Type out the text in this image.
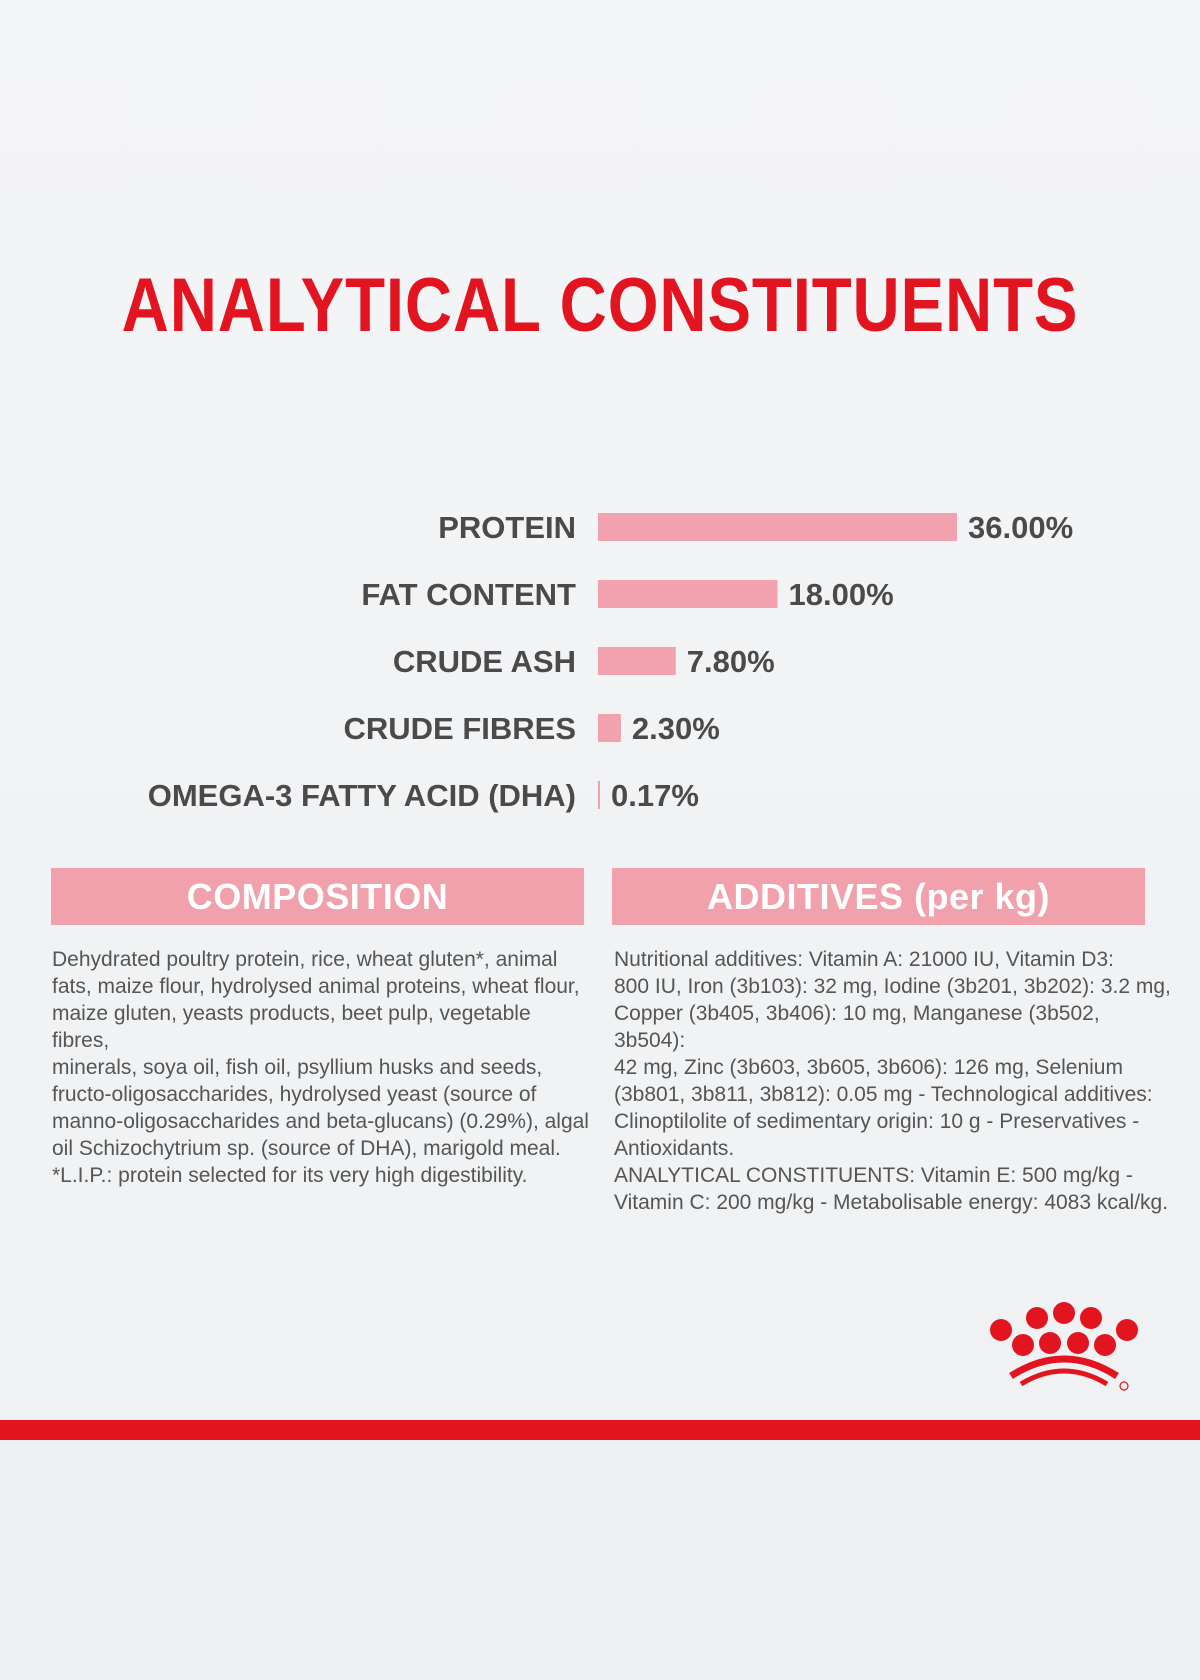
ANALYTICAL CONSTITUENTS
PROTEIN	36.00%
FAT CONTENT	18.00%
CRUDE ASH	7.80%
CRUDE FIBRES 2.30%
OMEGA-3 FATTY ACID (DHA) 0.17%
COMPOSITION
Dehydrated poultry protein, rice, wheat gluten*, animal
fats, maize flour, hydrolysed animal proteins, wheat flour,
maize gluten, yeasts products, beet pulp, vegetable fibres,
minerals, soya oil, fish oil, psyllium husks and seeds,
fructo-oligosaccharides, hydrolysed yeast (source of
manno-oligosaccharides and beta-glucans) (0.29%), algal
oil Schizochytrium sp. (source of DHA), marigold meal.
*L.I.P.: protein selected for its very high digestibility.
ADDITIVES (per kg)
Nutritional additives: Vitamin A: 21000 IU, Vitamin D3:
800 IU, Iron (3b103): 32 mg, Iodine (3b201, 3b202): 3.2 mg,
Copper (3b405, 3b406): 10 mg, Manganese (3b502, 3b504):
42 mg, Zinc (3b603, 3b605, 3b606): 126 mg, Selenium
(3b801, 3b811, 3b812): 0.05 mg - Technological additives:
Clinoptilolite of sedimentary origin: 10 g - Preservatives -
Antioxidants.
ANALYTICAL CONSTITUENTS: Vitamin E: 500 mg/kg -
Vitamin C: 200 mg/kg - Metabolisable energy: 4083 kcal/kg.
